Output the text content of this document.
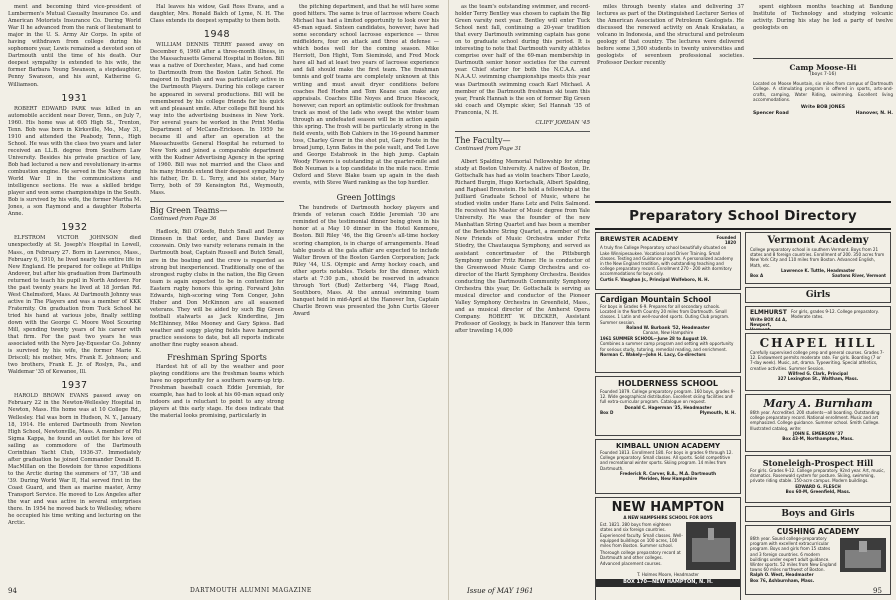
ment and becoming third vice-president of Lumbermen's Mutual Casualty Insurance Co. and American Motorists Insurance Co. During World War II he advanced from the rank of lieutenant to major in the U. S. Army Air Corps. In spite of having withdrawn from college during his sophomore year, Lewis remained a devoted son of Dartmouth until the time of his death. Our deepest sympathy is extended to his wife, the former Barbara Young Swanson, a stepdaughter, Penny Swanson, and his aunt, Katherine G. Williamson.

1931

ROBERT EDWARD PARK was killed in an automobile accident near Dover, Tenn., on July 7, 1960. His home was at 605 High St., Trenton, Tenn. Bob was born in Kirksville, Mo., May 31, 1910 and attended the Peabody, Tenn., High School. He was with the class two years and later received an LL.B. degree from Southern Law University. Besides his private practice of law, Bob had lectured a new and revolutionary in-arms combustion engine. He served in the Navy during World War II in the communications and intelligence sections. He was a skilled bridge player and won some championships in the South. Bob is survived by his wife, the former Martha M. Jones, a son Raymond and a daughter Roberta Anne.

1932

ELFSTROM VICTOR JOHNSON died unexpectedly at St. Joseph's Hospital in Lowell, Mass., on February 27. Born in Lawrence, Mass., February 6, 1910, he lived nearly his entire life in New England. He prepared for college at Phillips Andover, but after his graduation from Dartmouth returned to teach his pupil in North Andover. For the past twenty years he lived at 18 Jordan Rd. West Chelmsford, Mass. At Dartmouth Johnny was active in The Players and was a member of KKK Fraternity. On graduation from Tuck School he tried his hand at various jobs, finally settling down with the George C. Moore Wool Scouring Mill, spending twenty years of his career with that firm. For the past two years he was associated with the Nyro Jay-Equestar Co. Johnny is survived by his wife, the former Marie K. Driscoll; his mother, Mrs. Frank E. Johnson; and two brothers, Frank E. Jr. of Roslyn, Pa., and Waldemar '35 of Kewanee, Ill.

1937

HAROLD BROWN EVANS passed away on February 22 in the Newton-Wellesley Hospital in Newton, Mass. His home was at 10 College Rd., Wellesley. Hal was born in Hudson, N. Y., January 18, 1914. He entered Dartmouth from Newton High School, Newtonville, Mass. A member of Phi Sigma Kappa, he found an outlet for his love of sailing as commodore of the Dartmouth Corinthian Yacht Club, 1936-37. Immediately after graduation he joined Commander Donald B. MacMillan on the Bowdoin for three expeditions to the Arctic during the summers of '37, '38 and '39. During World War II, Hal served first in the Coast Guard, and then as marine master, Army Transport Service. He moved to Los Angeles after the war and was active in several enterprises there. In 1954 he moved back to Wellesley, where he occupied his time writing and lecturing on the Arctic.

Hal leaves his widow, Gail Ross Evans, and a daughter, Mrs. Ronald Balch of Lyme, N. H. The Class extends its deepest sympathy to them both.

1948

WILLIAM DENNIS TERRY passed away on December 6, 1960 after a three-month illness, in the Massachusetts General Hospital in Boston. Bill was a native of Dorchester, Mass., and had come to Dartmouth from the Boston Latin School. He majored in English and was particularly active in the Dartmouth Players. During his college career he appeared in several productions. Bill will be remembered by his college friends for his quick wit and pleasant smile. After college Bill found his way into the advertising business in New York. For several years he worked in the Print Media Department of McCann-Erickson. In 1959 he became ill and after an operation at the Massachusetts General Hospital he returned to New York and joined a comparable department with the Kudner Advertising Agency in the spring of 1960. Bill was not married and the Class and his many friends extend their deepest sympathy to his father, Dr. D. L. Terry, and his sister, Mary Terry, both of 59 Kensington Rd., Weymouth, Mass.

Big Green Teams—
Continued from Page 36

Hadlock, Bill O'Keefe, Butch Small and Denny Dinneen in that order, and Dave Dawley as coxswain. Only two varsity veterans remain in the Dartmouth boat, Captain Russell and Butch Small, are in the boating and the crew is regarded as strong but inexperienced. Traditionally one of the strongest rugby clubs in the nation, the Big Green team is again expected to be in contention for Eastern rugby honors this spring. Forward John Edwards, high-scoring wing Tom Conger, John Huber and Don McKinnon are all seasoned veterans. They will be aided by such Big Green football stalwarts as Jack Kinderdine, Jim McElhinney, Mike Mooney and Gary Spiess. Bad weather and soggy playing fields have hampered practice sessions to date, but all reports indicate another fine rugby season ahead.

Freshman Spring Sports

Hardest hit of all by the weather and poor playing conditions are the freshman teams which have no opportunity for a southern warm-up trip. Freshman baseball coach Eddie Jeremiah, for example, has had to look at his 60-man squad only indoors and is reluctant to point to any strong players at this early stage. He does indicate that the material looks promising, particularly in

the pitching department, and that he will have some good hitters. The same is true of lacrosse where Coach Michael has had a limited opportunity to look over his 45-man squad. Sixteen candidates, however, have had some secondary school lacrosse experience — three midfielders, four on attack and three at defense — which bodes well for the coming season. Mike Herriott, Don Hight, Tom Sieminski, and Fred Mock have all had at least two years of lacrosse experience and fall should make the first team. The freshman tennis and golf teams are completely unknown at this writing and must await dryer conditions before coaches Red Hoehn and Tom Keane can make any appraisals. Coaches Ellie Noyes and Bruce Hescock, however, can report an optimistic outlook for freshman track as most of the lads who swept the winter team through an undefeated season will be in action again this spring. The frosh will be particularly strong in the field events, with Bob Cahiers in the 16-pound hammer toss, Charley Greer in the shot put, Gary Foote in the broad jump, Lynn Bates in the pole vault, and Ted Love and George Estabrook in the high jump. Captain Woody Flowers is outstanding at the quarter-mile and Bob Neuman is a top candidate in the mile race. Ernie Oxford and Steve Blake team up again in the dash events, with Steve Ward ranking as the top hurdler.

Green Jottings

The hundreds of Dartmouth hockey players and friends of veteran coach Eddie Jeremiah '30 are reminded of the testimonial dinner being given in his honor at a May 10 dinner in the Hotel Kenmore, Boston. Bill Riley '46, the Big Green's all-time hockey scoring champion, is in charge of arrangements. Head table guests at the gala affair are expected to include Walter Brown of the Boston Garden Corporation; Jack Riley '44, U.S. Olympic and Army hockey coach, and other sports notables. Tickets for the dinner, which starts at 7:30 p.m., should be reserved in advance through Yort (Bud) Zetterberg '44, Flagg Road, Southboro, Mass. At the annual swimming team banquet held in mid-April at the Hanover Inn, Captain Charlie Brown was presented the John Curtis Glover Award

94	DARTMOUTH ALUMNI MAGAZINE

as the team's outstanding swimmer, and record-holder Terry Bentley was chosen to captain the Big Green varsity next year. Bentley will enter Tuck School next fall, continuing a 20-year tradition that every Dartmouth swimming captain has gone on to graduate school during this period. It is interesting to note that Dartmouth varsity athletes comprise over half of the 69-man membership in Dartmouth senior honor societies for the current year. Chief starter for both the N.C.A.A. and N.A.A.U. swimming championships meets this year was Dartmouth swimming coach Karl Michael. A member of the Dartmouth freshman ski team this year, Frank Hannah is the son of former Big Green ski coach and Olympic skier, Sel Hannah '35 of Franconia, N. H.

CLIFF JORDAN '45
The Faculty—
Continued from Page 31

Albert Spalding Memorial Fellowship for string study at Boston University. A native of Boston, Dr. Gottschalk has had as violin teachers Tibor Laszlo, Richard Burgin, Hugo Kortschalk, Albert Spalding, and Raphael Bronstein. He held a fellowship at the Juilliard Graduate School of Music, where he studied violin under Hans Letz and Felix Salmond. He received his Master of Music degree from Yale University. He was the founder of the new Manhattan String Quartet and has been a member of the Berkshire String Quartet, a member of the New Friends of Music Orchestra under Fritz Stiedry, the Chautauqua Symphony, and served as assistant concertmaster of the Pittsburgh Symphony under Fritz Reiner. He is conductor of the Greenwood Music Camp Orchestra and co-director of the Hartt Symphony Orchestra. Besides conducting the Dartmouth Community Symphony Orchestra this year, Dr. Gottschalk is serving as musical director and conductor of the Pioneer Valley Symphony Orchestra in Greenfield, Mass., and as musical director of the Amherst Opera Company. ROBERT W. DECKER, Assistant Professor of Geology, is back in Hanover this term after traveling 14,000

miles through twenty states and delivering 37 lectures as part of the Distinguished Lecturer Series of the American Association of Petroleum Geologists. He discussed the renewed activity on Anak Krakatau, a volcano in Indonesia, and the structural and petroleum geology of that country. The lectures were delivered before some 3,500 students in twenty universities and geologists of seventeen professional societies. Professor Decker recently

spent eighteen months teaching at Bandung Institute of Technology and studying volcanic activity. During his stay he led a party of twelve geologists on

Camp Moose-Hi
(boys 7-16)
Located on Moose Mountain, six miles from campus of Dartmouth College. A stimulating program is offered in sports, arts-and-crafts, camping, Water Riding, swimming. Excellent living accommodations.
Write BOB JONES
Spencer Road	Hanover, N. H.
Preparatory School Directory
BREWSTER ACADEMY	Founded 1820
A truly fine College Preparatory school beautifully situated on Lake Winnipesaukee. Vocational and Driver Training. Small classes. Testing and Guidance program. A personalized academy in the New England tradition, with outstanding teaching and college preparatory record. Enrollment 270 - 200 with dormitory accommodations for boys only.
Curtis F. Vaughan Jr., Principal Wolfeboro, N. H.
Cardigan Mountain School
For boys in Grades 6-9. Prepares for all secondary schools. Located in the North Country 20 miles from Dartmouth. Small classes. 1 Latin and well-rounded sports. Outing Club program. Summer session.
Roland W. Burbank '52, Headmaster
Canaan, New Hampshire
1961 SUMMER SCHOOL—June 28 to August 19.
Combines a summer camp program and setting with opportunity for serious study, tutoring, remedial reading, and enrichment.
Norman C. Wakely—John H. Lacy, Co-directors
HOLDERNESS SCHOOL
Founded 1879. College preparatory program. 160 boys, grades 9-12. Wide geographical distribution. Excellent skiing facilities and full extra-curricular program. Catalogue on request.
Donald C. Hagerman '35, Headmaster
Box D	Plymouth, N. H.
KIMBALL UNION ACADEMY
Founded 1813. Enrollment 180. For boys in grades 9 through 12. College preparatory. Small classes. All sports. Solid competitive and recreational winter sports. Skiing program. 14 miles from Dartmouth.
Frederick R. Carver, B.A., M.A. Dartmouth
Meriden, New Hampshire
NEW HAMPTON
A NEW HAMPSHIRE SCHOOL FOR BOYS
Est. 1821. 280 boys from eighteen states and six foreign countries. Experienced faculty. Small classes. Well-equipped buildings on 100 acres, 100 miles from Boston. Summer school.
Thorough college preparatory record at Dartmouth and other colleges. Advanced placement courses.
T. Holmes Moore, Headmaster
BOX 170—NEW HAMPTON, N. H.
Vermont Academy
College preparatory school in southern Vermont. Boys from 21 states and 8 foreign countries. Enrollment of 200. 350 acres from New York City and 110 miles from Boston. Advanced English, Math, etc.
Lawrence K. Tuttle, Headmaster
Box A	Saxtons River, Vermont
Girls
ELMHURST
Write BOX 44 A, Newport, Vermont
For girls, grades 9-12. College preparatory. Moderate rates.
CHAPEL HILL
Carefully supervised college prep and general courses. Grades 7-12. Endowment permits moderate rate. For girls. Boarding (7 or 7-day week). Music, art, drama. Typewriting. Special athletics, creative activities. Summer Session.
Wilfred G. Clark, Principal
327 Lexington St., Waltham, Mass.
Mary A. Burnham
86th year. Accredited. 200 students—all boarding. Outstanding college preparatory record. National enrollment. Music and art emphasized. College guidance. Summer school. Smith College. Illustrated catalog, write:
JOHN E. EMERSON '37
Box 43-M, Northampton, Mass.
Stoneleigh-Prospect Hill
For girls. Grades 9-12. College preparatory. 92nd year. Art, music, dramatics. Rosenwald system for posture. Skiing, swimming, private riding stable. 150-acre campus. Modern buildings.
EDWARD G. FLESCH
Box 60-M, Greenfield, Mass.
Boys and Girls
CUSHING ACADEMY
86th year. Sound college-preparatory program with excellent extracurricular program. Boys and girls from 15 states and 3 foreign countries. 6 modern buildings under expert adult guidance. Winter sports. 52 miles from New England towns 60 miles northwest of Boston.
Ralph O. West, Headmaster
Box 76, Ashburnham, Mass.
Issue of MAY 1961	95
